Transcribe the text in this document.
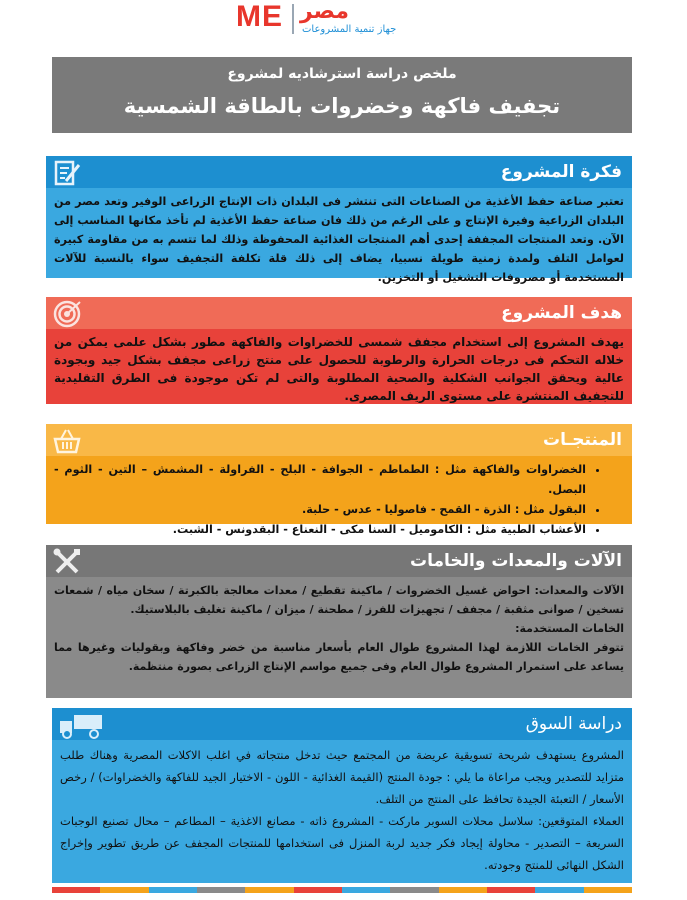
ME مصر
جهاز تنمية المشروعات
ملخص دراسة استرشاديه لمشروع
تجفيف فاكهة وخضروات بالطاقة الشمسية
فكرة المشروع
تعتبر صناعة حفظ الأغذية من الصناعات التى تنتشر فى البلدان ذات الإنتاج الزراعى الوفير وتعد مصر من البلدان الزراعية وفيرة الإنتاج و على الرغم من ذلك فان صناعة حفظ الأغذية لم تأخذ مكانها المناسب إلى الآن. وتعد المنتجات المجففة إحدى أهم المنتجات الغذائية المحفوظة وذلك لما تتسم به من مقاومة كبيرة لعوامل التلف ولمدة زمنية طويلة نسبيا، يضاف إلى ذلك قلة تكلفة التجفيف سواء بالنسبة للآلات المستخدمة أو مصروفات التشغيل أو التخزين.
هدف المشروع
يهدف المشروع إلى استخدام مجفف شمسى للخضراوات والفاكهة مطور بشكل علمى يمكن من خلاله التحكم فى درجات الحرارة والرطوبة للحصول على منتج زراعى مجفف بشكل جيد وبجودة عالية ويحقق الجوانب الشكلية والصحية المطلوبة والتى لم تكن موجودة فى الطرق التقليدية للتجفيف المنتشرة على مستوى الريف المصرى.
المنتجـات
• الخضراوات والفاكهة مثل : الطماطم - الجوافة - البلح - الفراولة - المشمش – التين - الثوم - البصل.
• البقول مثل : الذرة - القمح - فاصوليا - عدس - حلبة.
• الأعشاب الطبية مثل : الكاموميل - السنا مكى - النعناع - البقدونس - الشبت.
الآلات والمعدات والخامات
الآلات والمعدات: احواض غسيل الخضروات / ماكينة تقطيع / معدات معالجة بالكبرتة / سخان مياه / شمعات تسخين / صوانى مثقبة / مجفف / تجهيزات للفرز / مطحنة / ميزان / ماكينة تغليف بالبلاستيك.
الخامات المستخدمة:
تتوفر الخامات اللازمة لهذا المشروع طوال العام بأسعار مناسبة من خضر وفاكهة وبقوليات وغيرها مما يساعد على استمرار المشروع طوال العام وفى جميع مواسم الإنتاج الزراعى بصورة منتظمة.
دراسة السوق
المشروع يستهدف شريحة تسويقية عريضة من المجتمع حيث تدخل منتجاته في اغلب الاكلات المصرية وهناك طلب متزايد للتصدير ويجب مراعاة ما يلي : جودة المنتج (القيمة الغذائية - اللون - الاختيار الجيد للفاكهة والخضراوات) / رخص الأسعار / التعبئة الجيدة تحافظ على المنتج من التلف.
العملاء المتوقعين: سلاسل محلات السوبر ماركت - المشروع ذاته - مصانع الاغذية – المطاعم – محال تصنيع الوجبات السريعة – التصدير - محاولة إيجاد فكر جديد لربة المنزل فى استخدامها للمنتجات المجفف عن طريق تطوير وإخراج الشكل النهائى للمنتج وجودته.
